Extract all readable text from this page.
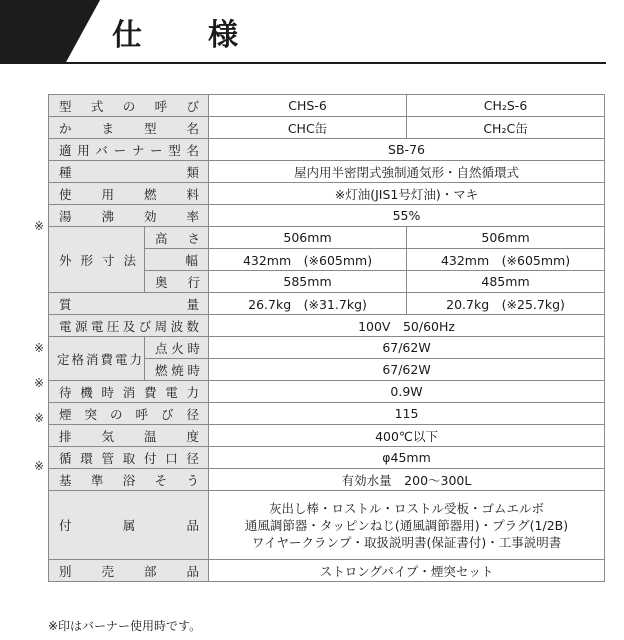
仕　様
※
※
※
※
※
型式の呼び		CHS-6	CH₂S-6
かま型名		CHC缶	CH₂C缶
適用バーナー型名		SB-76	
種類		屋内用半密閉式強制通気形・自然循環式	
使用燃料		※灯油(JIS1号灯油)・マキ	
湯沸効率		55%	
外形寸法	高さ	506mm	506mm
	幅	432mm　(※605mm)	432mm　(※605mm)
	奥行	585mm	485mm
質量		26.7kg　(※31.7kg)	20.7kg　(※25.7kg)
電源電圧及び周波数		100V　50/60Hz	
定格消費電力	点火時	67/62W	
	燃焼時	67/62W	
待機時消費電力		0.9W	
煙突の呼び径		115	
排気温度		400℃以下	
循環管取付口径		φ45mm	
基準浴そう		有効水量　200〜300L	
付属品		灰出し棒・ロストル・ロストル受板・ゴムエルボ
通風調節器・タッピンねじ(通風調節器用)・プラグ(1/2B)
ワイヤークランプ・取扱説明書(保証書付)・工事説明書	

別売部品		ストロングパイプ・煙突セット	
※印はバーナー使用時です。
